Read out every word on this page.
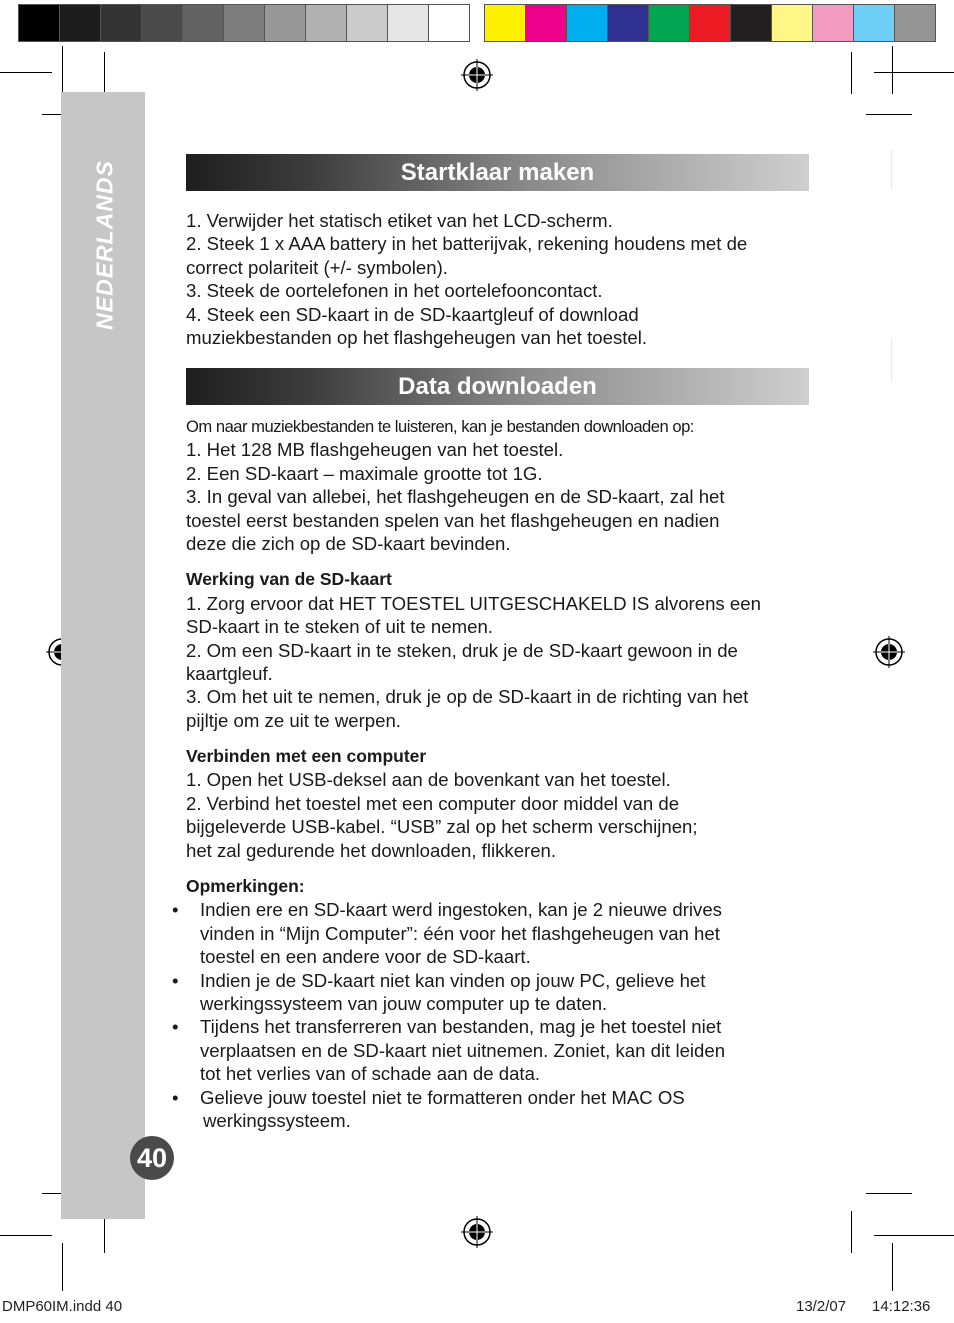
NEDERLANDS
40
Startklaar maken
1. Verwijder het statisch etiket van het LCD-scherm.
2. Steek 1 x AAA battery in het batterijvak, rekening houdens met de
correct polariteit (+/- symbolen).
3. Steek de oortelefonen in het oortelefooncontact.
4. Steek een SD-kaart in de SD-kaartgleuf of download
muziekbestanden op het flashgeheugen van het toestel.
Data downloaden
Om naar muziekbestanden te luisteren, kan je bestanden downloaden op:
1. Het 128 MB flashgeheugen van het toestel.
2. Een SD-kaart – maximale grootte tot 1G.
3. In geval van allebei, het flashgeheugen en de SD-kaart, zal het
toestel eerst bestanden spelen van het flashgeheugen en nadien
deze die zich op de SD-kaart bevinden.
Werking van de SD-kaart
1. Zorg ervoor dat HET TOESTEL UITGESCHAKELD IS alvorens een
SD-kaart in te steken of uit te nemen.
2. Om een SD-kaart in te steken, druk je de SD-kaart gewoon in de
kaartgleuf.
3. Om het uit te nemen, druk je op de SD-kaart in de richting van het
pijltje om ze uit te werpen.
Verbinden met een computer
1. Open het USB-deksel aan de bovenkant van het toestel.
2. Verbind het toestel met een computer door middel van de
bijgeleverde USB-kabel. “USB” zal op het scherm verschijnen;
het zal gedurende het downloaden, flikkeren.
Opmerkingen:
• Indien ere en SD-kaart werd ingestoken, kan je 2 nieuwe drives
vinden in “Mijn Computer”: één voor het flashgeheugen van het
toestel en een andere voor de SD-kaart.
• Indien je de SD-kaart niet kan vinden op jouw PC, gelieve het
werkingssysteem van jouw computer up te daten.
• Tijdens het transferreren van bestanden, mag je het toestel niet
verplaatsen en de SD-kaart niet uitnemen. Zoniet, kan dit leiden
tot het verlies van of schade aan de data.
• Gelieve jouw toestel niet te formatteren onder het MAC OS
werkingssysteem.
DMP60IM.indd 40	13/2/07 14:12:36
